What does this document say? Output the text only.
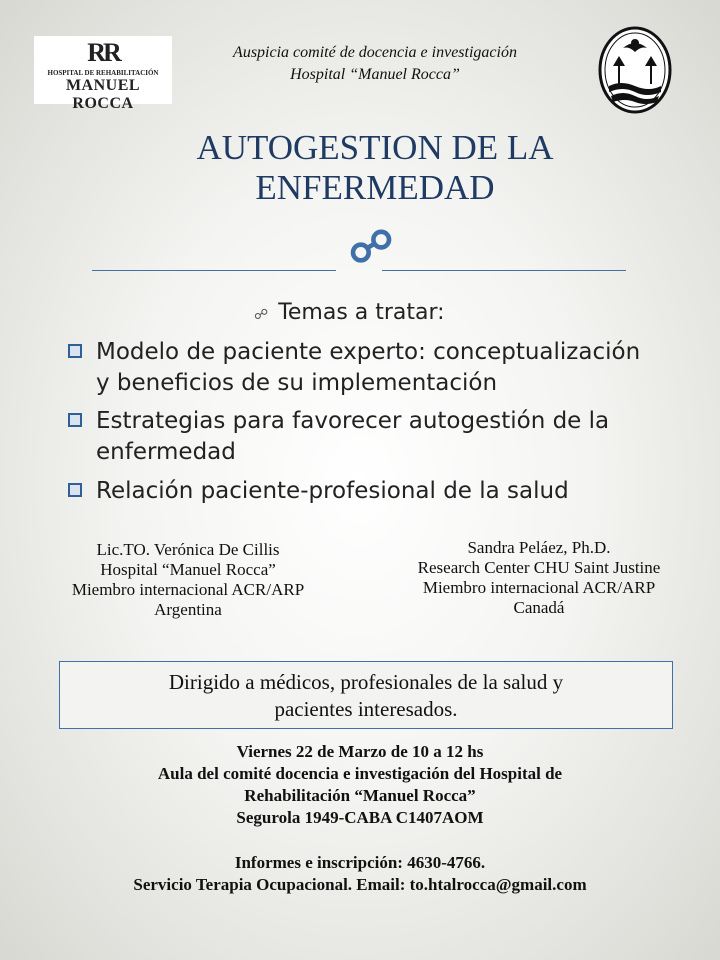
RR
HOSPITAL DE REHABILITACIÓN
MANUEL ROCCA
Auspicia comité de docencia e investigación
Hospital “Manuel Rocca”
AUTOGESTION DE LA
ENFERMEDAD
☍
☍ Temas a tratar:
Modelo de paciente experto: conceptualización
y beneficios de su implementación
Estrategias para favorecer autogestión de la
enfermedad
Relación paciente-profesional de la salud
Lic.TO. Verónica De Cillis
Hospital “Manuel Rocca”
Miembro internacional ACR/ARP
Argentina
Sandra Peláez, Ph.D.
Research Center CHU Saint Justine
Miembro internacional ACR/ARP
Canadá
Dirigido a médicos, profesionales de la salud y
pacientes interesados.
Viernes 22 de Marzo de 10 a 12 hs
Aula del comité docencia e investigación del Hospital de
Rehabilitación “Manuel Rocca”
Segurola 1949-CABA C1407AOM
Informes e inscripción: 4630-4766.
Servicio Terapia Ocupacional. Email: to.htalrocca@gmail.com
